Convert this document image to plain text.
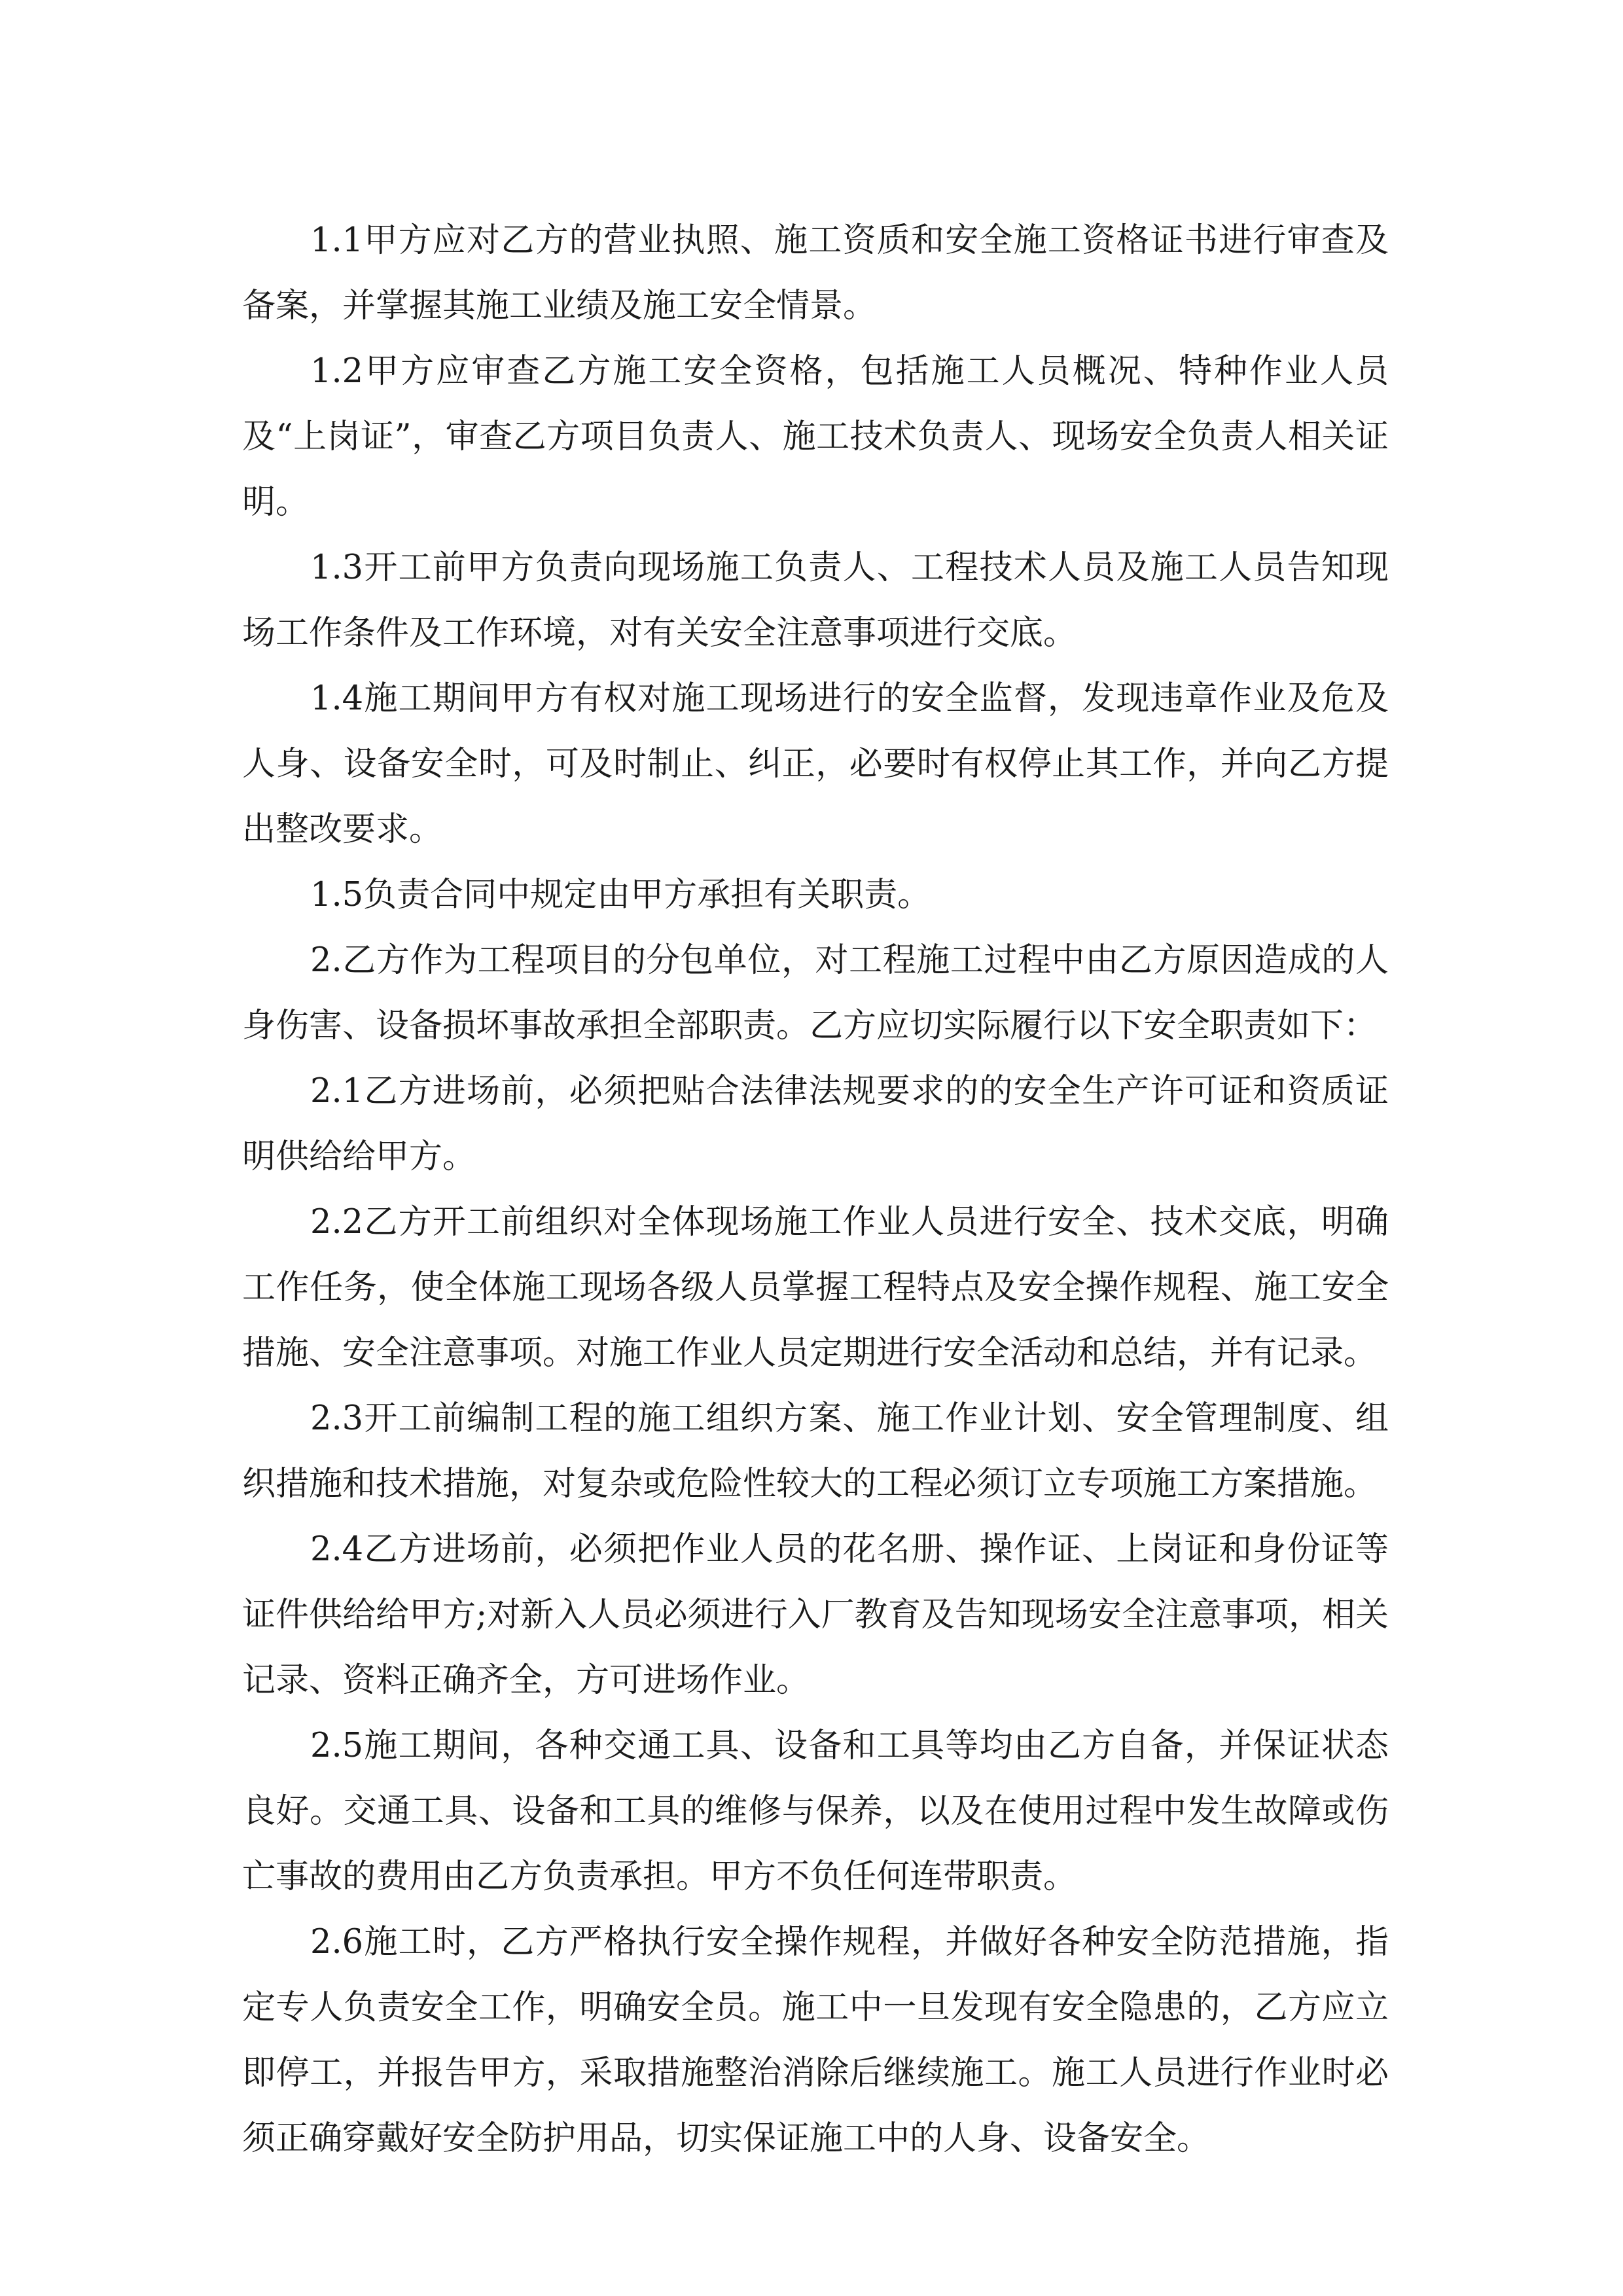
1.1甲方应对乙方的营业执照、施工资质和安全施工资格证书进行审查及备案，并掌握其施工业绩及施工安全情景。

1.2甲方应审查乙方施工安全资格，包括施工人员概况、特种作业人员及“上岗证”，审查乙方项目负责人、施工技术负责人、现场安全负责人相关证明。

1.3开工前甲方负责向现场施工负责人、工程技术人员及施工人员告知现场工作条件及工作环境，对有关安全注意事项进行交底。

1.4施工期间甲方有权对施工现场进行的安全监督，发现违章作业及危及人身、设备安全时，可及时制止、纠正，必要时有权停止其工作，并向乙方提出整改要求。

1.5负责合同中规定由甲方承担有关职责。

2.乙方作为工程项目的分包单位，对工程施工过程中由乙方原因造成的人身伤害、设备损坏事故承担全部职责。乙方应切实际履行以下安全职责如下：

2.1乙方进场前，必须把贴合法律法规要求的的安全生产许可证和资质证明供给给甲方。

2.2乙方开工前组织对全体现场施工作业人员进行安全、技术交底，明确工作任务，使全体施工现场各级人员掌握工程特点及安全操作规程、施工安全措施、安全注意事项。对施工作业人员定期进行安全活动和总结，并有记录。

2.3开工前编制工程的施工组织方案、施工作业计划、安全管理制度、组织措施和技术措施，对复杂或危险性较大的工程必须订立专项施工方案措施。

2.4乙方进场前，必须把作业人员的花名册、操作证、上岗证和身份证等证件供给给甲方;对新入人员必须进行入厂教育及告知现场安全注意事项，相关记录、资料正确齐全，方可进场作业。

2.5施工期间，各种交通工具、设备和工具等均由乙方自备，并保证状态良好。交通工具、设备和工具的维修与保养，以及在使用过程中发生故障或伤亡事故的费用由乙方负责承担。甲方不负任何连带职责。

2.6施工时，乙方严格执行安全操作规程，并做好各种安全防范措施，指定专人负责安全工作，明确安全员。施工中一旦发现有安全隐患的，乙方应立即停工，并报告甲方，采取措施整治消除后继续施工。施工人员进行作业时必须正确穿戴好安全防护用品，切实保证施工中的人身、设备安全。
